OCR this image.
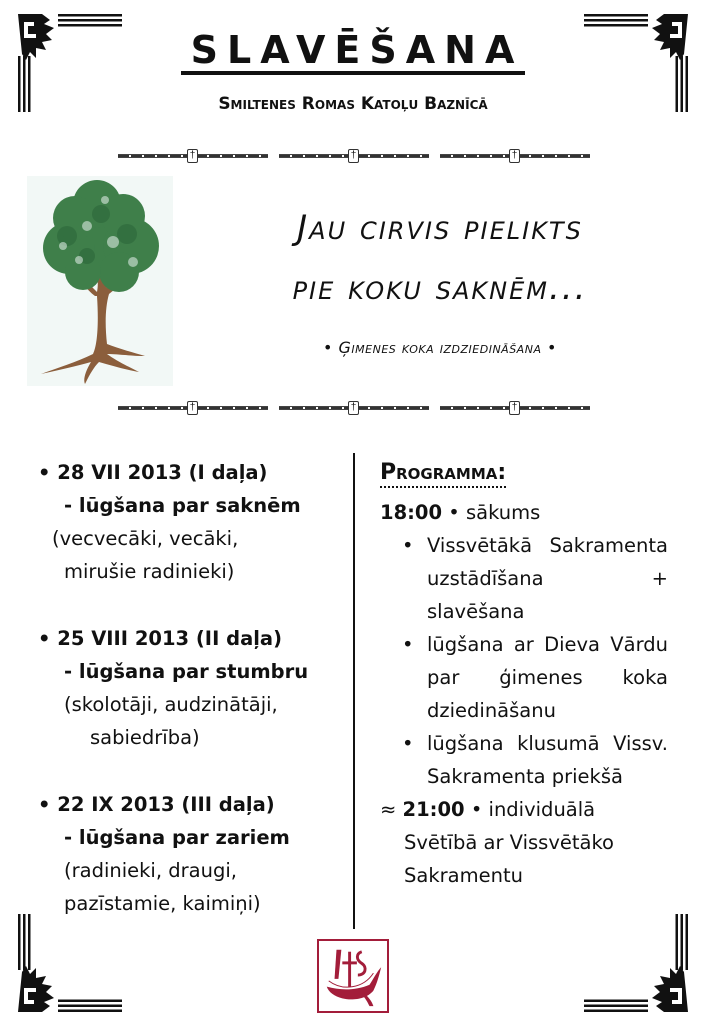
SLAVĒŠANA
Smiltenes Romas Katoļu Baznīcā
†	†	†
Jau cirvis pielikts
pie koku saknēm...
• Ģimenes koka izdziedināšana •
†	†	†
• 28 VII 2013 (I daļa)
- lūgšana par saknēm
(vecvecāki, vecāki,
mirušie radinieki)
• 25 VIII 2013 (II daļa)
- lūgšana par stumbru
(skolotāji, audzinātāji,
sabiedrība)
• 22 IX 2013 (III daļa)
- lūgšana par zariem
(radinieki, draugi,
pazīstamie, kaimiņi)
Programma:
18:00 • sākums
• Vissvētākā Sakramenta uzstādīšana + slavēšana
• lūgšana ar Dieva Vārdu par ģimenes koka dziedināšanu
• lūgšana klusumā Vissv. Sakramenta priekšā
≈ 21:00 • individuālā
Svētībā ar Vissvētāko Sakramentu
